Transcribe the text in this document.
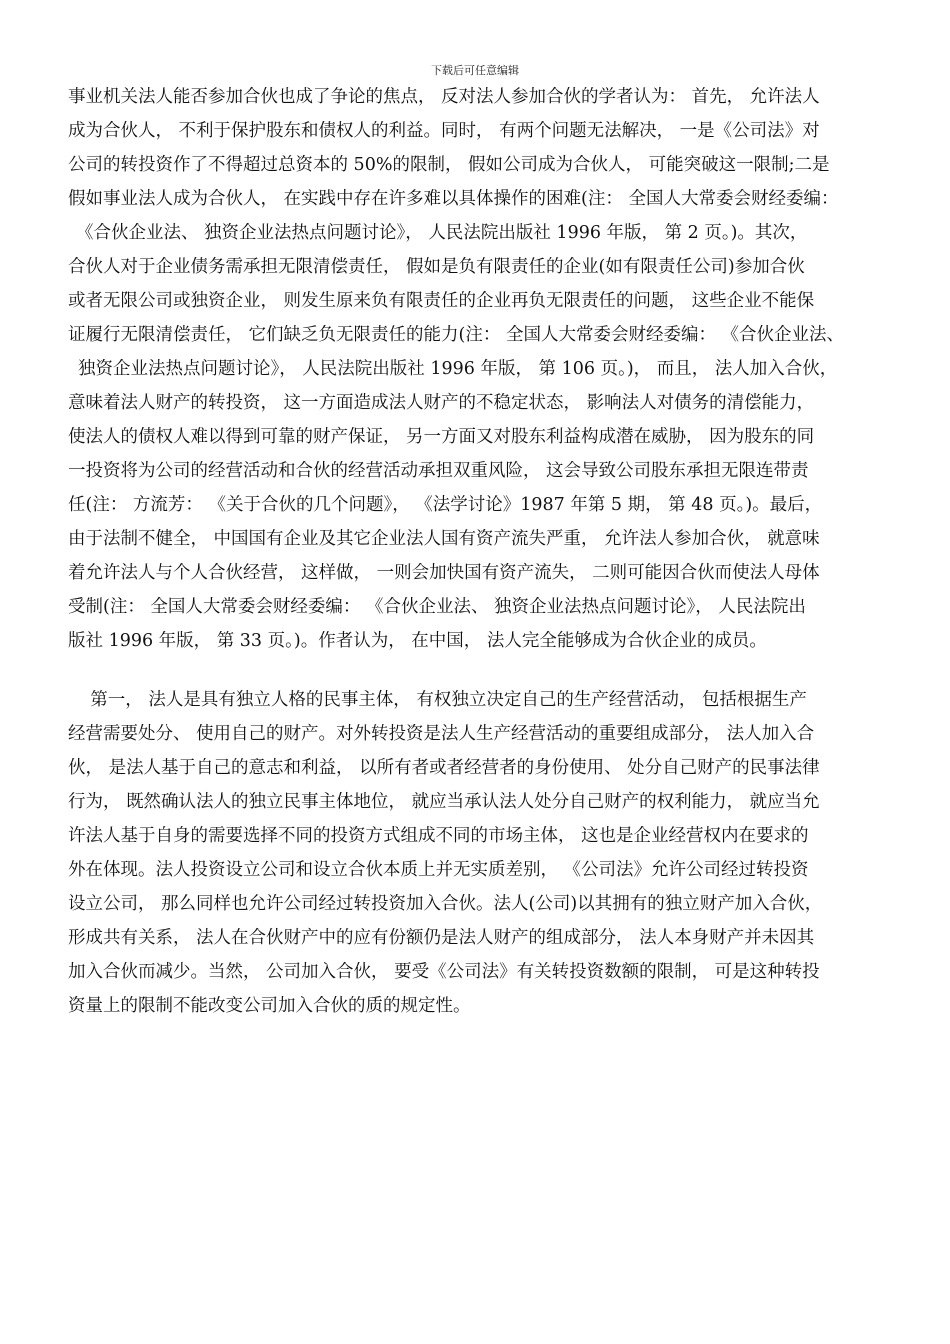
下载后可任意编辑
事业机关法人能否参加合伙也成了争论的焦点， 反对法人参加合伙的学者认为： 首先， 允许法人
成为合伙人， 不利于保护股东和债权人的利益。同时， 有两个问题无法解决， 一是《公司法》对
公司的转投资作了不得超过总资本的 50%的限制， 假如公司成为合伙人， 可能突破这一限制;二是
假如事业法人成为合伙人， 在实践中存在许多难以具体操作的困难(注： 全国人大常委会财经委编：
《合伙企业法、 独资企业法热点问题讨论》， 人民法院出版社 1996 年版， 第 2 页。)。其次，
合伙人对于企业债务需承担无限清偿责任， 假如是负有限责任的企业(如有限责任公司)参加合伙
或者无限公司或独资企业， 则发生原来负有限责任的企业再负无限责任的问题， 这些企业不能保
证履行无限清偿责任， 它们缺乏负无限责任的能力(注： 全国人大常委会财经委编： 《合伙企业法、
独资企业法热点问题讨论》， 人民法院出版社 1996 年版， 第 106 页。)， 而且， 法人加入合伙，
意味着法人财产的转投资， 这一方面造成法人财产的不稳定状态， 影响法人对债务的清偿能力，
使法人的债权人难以得到可靠的财产保证， 另一方面又对股东利益构成潜在威胁， 因为股东的同
一投资将为公司的经营活动和合伙的经营活动承担双重风险， 这会导致公司股东承担无限连带责
任(注： 方流芳： 《关于合伙的几个问题》， 《法学讨论》1987 年第 5 期， 第 48 页。)。最后，
由于法制不健全， 中国国有企业及其它企业法人国有资产流失严重， 允许法人参加合伙， 就意味
着允许法人与个人合伙经营， 这样做， 一则会加快国有资产流失， 二则可能因合伙而使法人母体
受制(注： 全国人大常委会财经委编： 《合伙企业法、 独资企业法热点问题讨论》， 人民法院出
版社 1996 年版， 第 33 页。)。作者认为， 在中国， 法人完全能够成为合伙企业的成员。
第一， 法人是具有独立人格的民事主体， 有权独立决定自己的生产经营活动， 包括根据生产
经营需要处分、 使用自己的财产。对外转投资是法人生产经营活动的重要组成部分， 法人加入合
伙， 是法人基于自己的意志和利益， 以所有者或者经营者的身份使用、 处分自己财产的民事法律
行为， 既然确认法人的独立民事主体地位， 就应当承认法人处分自己财产的权利能力， 就应当允
许法人基于自身的需要选择不同的投资方式组成不同的市场主体， 这也是企业经营权内在要求的
外在体现。法人投资设立公司和设立合伙本质上并无实质差别， 《公司法》允许公司经过转投资
设立公司， 那么同样也允许公司经过转投资加入合伙。法人(公司)以其拥有的独立财产加入合伙，
形成共有关系， 法人在合伙财产中的应有份额仍是法人财产的组成部分， 法人本身财产并未因其
加入合伙而减少。当然， 公司加入合伙， 要受《公司法》有关转投资数额的限制， 可是这种转投
资量上的限制不能改变公司加入合伙的质的规定性。
